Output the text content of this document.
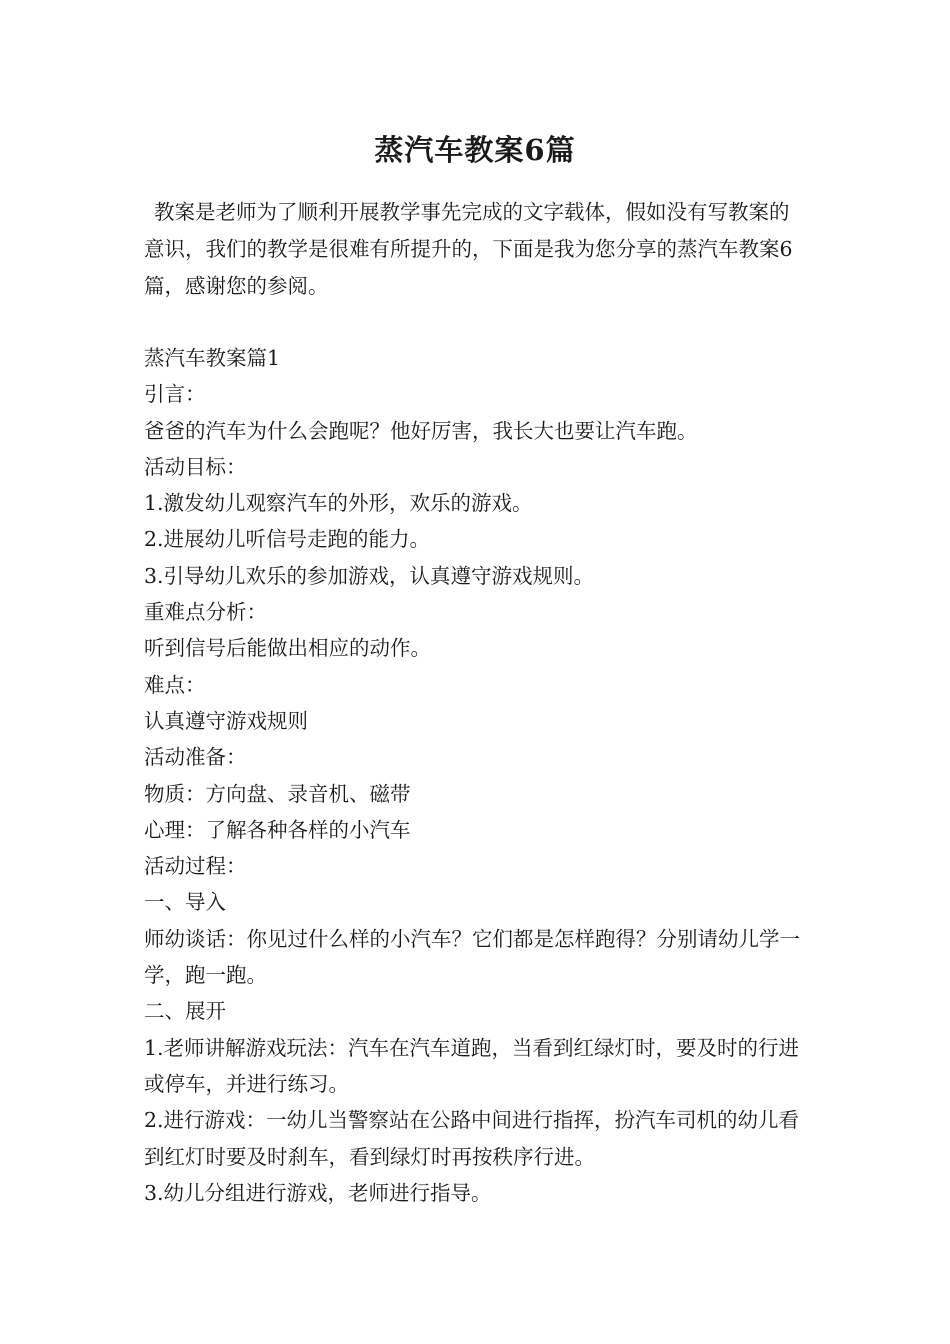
蒸汽车教案6篇
教案是老师为了顺利开展教学事先完成的文字载体，假如没有写教案的意识，我们的教学是很难有所提升的，下面是我为您分享的蒸汽车教案6篇，感谢您的参阅。

蒸汽车教案篇1

引言：

爸爸的汽车为什么会跑呢？他好厉害，我长大也要让汽车跑。

活动目标：

1.激发幼儿观察汽车的外形，欢乐的游戏。

2.进展幼儿听信号走跑的能力。

3.引导幼儿欢乐的参加游戏，认真遵守游戏规则。

重难点分析：

听到信号后能做出相应的动作。

难点：

认真遵守游戏规则

活动准备：

物质：方向盘、录音机、磁带

心理：了解各种各样的小汽车

活动过程：

一、导入

师幼谈话：你见过什么样的小汽车？它们都是怎样跑得？分别请幼儿学一学，跑一跑。

二、展开

1.老师讲解游戏玩法：汽车在汽车道跑，当看到红绿灯时，要及时的行进或停车，并进行练习。

2.进行游戏：一幼儿当警察站在公路中间进行指挥，扮汽车司机的幼儿看到红灯时要及时刹车，看到绿灯时再按秩序行进。

3.幼儿分组进行游戏，老师进行指导。
